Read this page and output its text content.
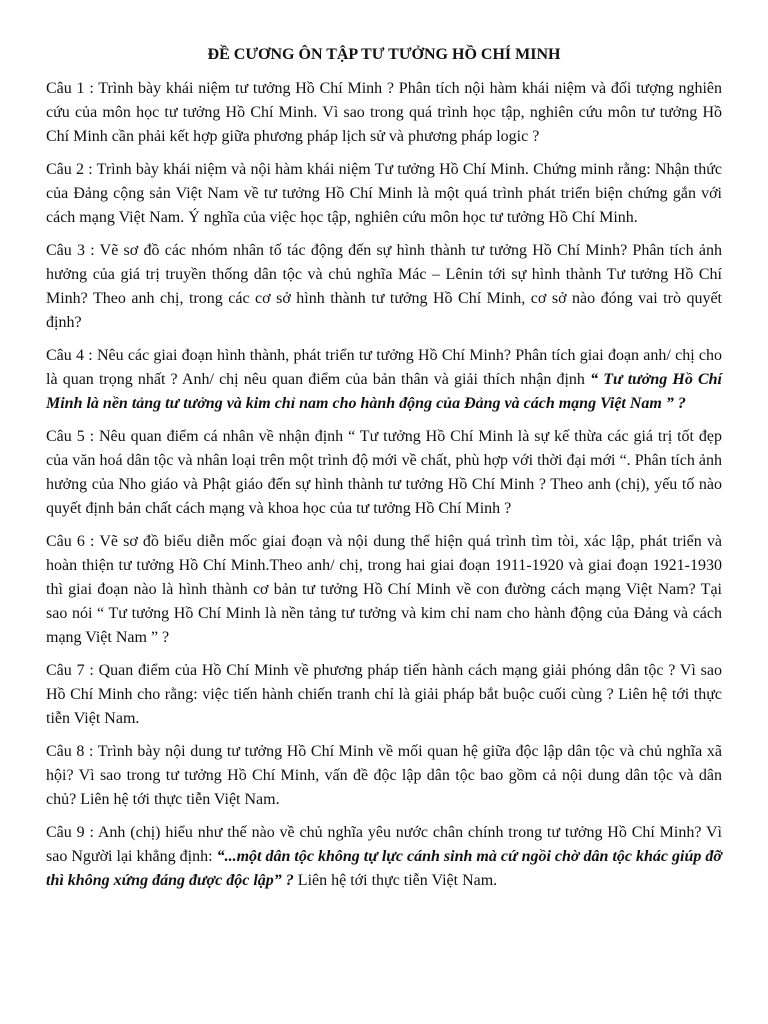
ĐỀ CƯƠNG ÔN TẬP TƯ TƯỞNG HỒ CHÍ MINH

Câu 1 : Trình bày khái niệm tư tưởng Hồ Chí Minh ? Phân tích nội hàm khái niệm và đối tượng nghiên cứu của môn học tư tưởng Hồ Chí Minh. Vì sao trong quá trình học tập, nghiên cứu môn tư tưởng Hồ Chí Minh cần phải kết hợp giữa phương pháp lịch sử và phương pháp logic ?

Câu 2 : Trình bày khái niệm và nội hàm khái niệm Tư tưởng Hồ Chí Minh. Chứng minh rằng: Nhận thức của Đảng cộng sản Việt Nam về tư tưởng Hồ Chí Minh là một quá trình phát triển biện chứng gắn với cách mạng Việt Nam. Ý nghĩa của việc học tập, nghiên cứu môn học tư tưởng Hồ Chí Minh.

Câu 3 : Vẽ sơ đồ các nhóm nhân tố tác động đến sự hình thành tư tưởng Hồ Chí Minh? Phân tích ảnh hưởng của giá trị truyền thống dân tộc và chủ nghĩa Mác – Lênin tới sự hình thành Tư tưởng Hồ Chí Minh? Theo anh chị, trong các cơ sở hình thành tư tưởng Hồ Chí Minh, cơ sở nào đóng vai trò quyết định?

Câu 4 : Nêu các giai đoạn hình thành, phát triển tư tưởng Hồ Chí Minh? Phân tích giai đoạn anh/ chị cho là quan trọng nhất ? Anh/ chị nêu quan điểm của bản thân và giải thích nhận định “ Tư tưởng Hồ Chí Minh là nền tảng tư tưởng và kim chỉ nam cho hành động của Đảng và cách mạng Việt Nam ” ?

Câu 5 : Nêu quan điểm cá nhân về nhận định “ Tư tưởng Hồ Chí Minh là sự kế thừa các giá trị tốt đẹp của văn hoá dân tộc và nhân loại trên một trình độ mới về chất, phù hợp với thời đại mới “. Phân tích ảnh hưởng của Nho giáo và Phật giáo đến sự hình thành tư tưởng Hồ Chí Minh ? Theo anh (chị), yếu tố nào quyết định bản chất cách mạng và khoa học của tư tưởng Hồ Chí Minh ?

Câu 6 : Vẽ sơ đồ biểu diễn mốc giai đoạn và nội dung thể hiện quá trình tìm tòi, xác lập, phát triển và hoàn thiện tư tưởng Hồ Chí Minh.Theo anh/ chị, trong hai giai đoạn 1911-1920 và giai đoạn 1921-1930 thì giai đoạn nào là hình thành cơ bản tư tưởng Hồ Chí Minh về con đường cách mạng Việt Nam? Tại sao nói “ Tư tưởng Hồ Chí Minh là nền tảng tư tưởng và kim chỉ nam cho hành động của Đảng và cách mạng Việt Nam ” ?

Câu 7 : Quan điểm của Hồ Chí Minh về phương pháp tiến hành cách mạng giải phóng dân tộc ? Vì sao Hồ Chí Minh cho rằng: việc tiến hành chiến tranh chỉ là giải pháp bắt buộc cuối cùng ? Liên hệ tới thực tiễn Việt Nam.

Câu 8 : Trình bày nội dung tư tưởng Hồ Chí Minh về mối quan hệ giữa độc lập dân tộc và chủ nghĩa xã hội? Vì sao trong tư tưởng Hồ Chí Minh, vấn đề độc lập dân tộc bao gồm cả nội dung dân tộc và dân chủ? Liên hệ tới thực tiễn Việt Nam.

Câu 9 : Anh (chị) hiểu như thế nào về chủ nghĩa yêu nước chân chính trong tư tưởng Hồ Chí Minh? Vì sao Người lại khẳng định: “...một dân tộc không tự lực cánh sinh mà cứ ngồi chờ dân tộc khác giúp đỡ thì không xứng đáng được độc lập” ? Liên hệ tới thực tiễn Việt Nam.
